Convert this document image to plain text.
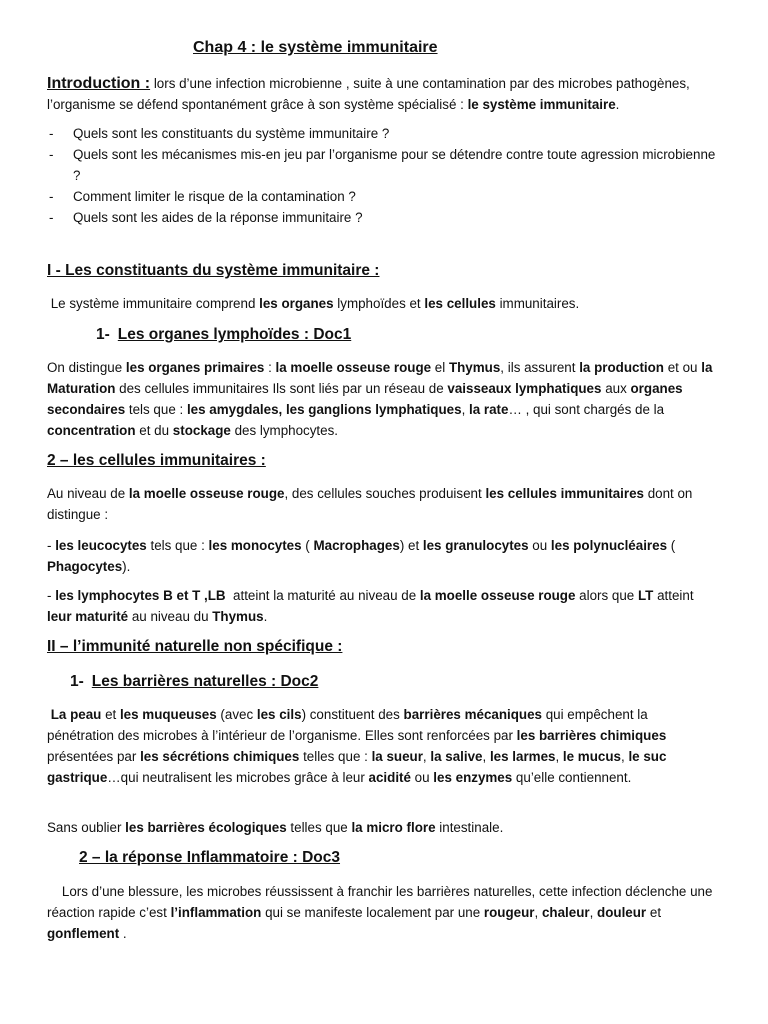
Chap 4 : le système immunitaire

Introduction : lors d’une infection microbienne , suite à une contamination par des microbes pathogènes, l’organisme se défend spontanément grâce à son système spécialisé : le système immunitaire.

- Quels sont les constituants du système immunitaire ?
- Quels sont les mécanismes mis-en jeu par l’organisme pour se détendre contre toute agression microbienne ?
- Comment limiter le risque de la contamination ?
- Quels sont les aides de la réponse immunitaire ?
I - Les constituants du système immunitaire :

Le système immunitaire comprend les organes lymphoïdes et les cellules immunitaires.

1- Les organes lymphoïdes : Doc1

On distingue les organes primaires : la moelle osseuse rouge el Thymus, ils assurent la production et ou la Maturation des cellules immunitaires Ils sont liés par un réseau de vaisseaux lymphatiques aux organes secondaires tels que : les amygdales, les ganglions lymphatiques, la rate… , qui sont chargés de la concentration et du stockage des lymphocytes.

2 – les cellules immunitaires :

Au niveau de la moelle osseuse rouge, des cellules souches produisent les cellules immunitaires dont on distingue :

- les leucocytes tels que : les monocytes ( Macrophages) et les granulocytes ou les polynucléaires ( Phagocytes).

- les lymphocytes B et T ,LB  atteint la maturité au niveau de la moelle osseuse rouge alors que LT atteint leur maturité au niveau du Thymus.

II – l’immunité naturelle non spécifique :
1- Les barrières naturelles : Doc2

La peau et les muqueuses (avec les cils) constituent des barrières mécaniques qui empêchent la pénétration des microbes à l’intérieur de l’organisme. Elles sont renforcées par les barrières chimiques présentées par les sécrétions chimiques telles que : la sueur, la salive, les larmes, le mucus, le suc gastrique…qui neutralisent les microbes grâce à leur acidité ou les enzymes qu’elle contiennent.

Sans oublier les barrières écologiques telles que la micro flore intestinale.

2 – la réponse Inflammatoire : Doc3

Lors d’une blessure, les microbes réussissent à franchir les barrières naturelles, cette infection déclenche une réaction rapide c’est l’inflammation qui se manifeste localement par une rougeur, chaleur, douleur et gonflement .
